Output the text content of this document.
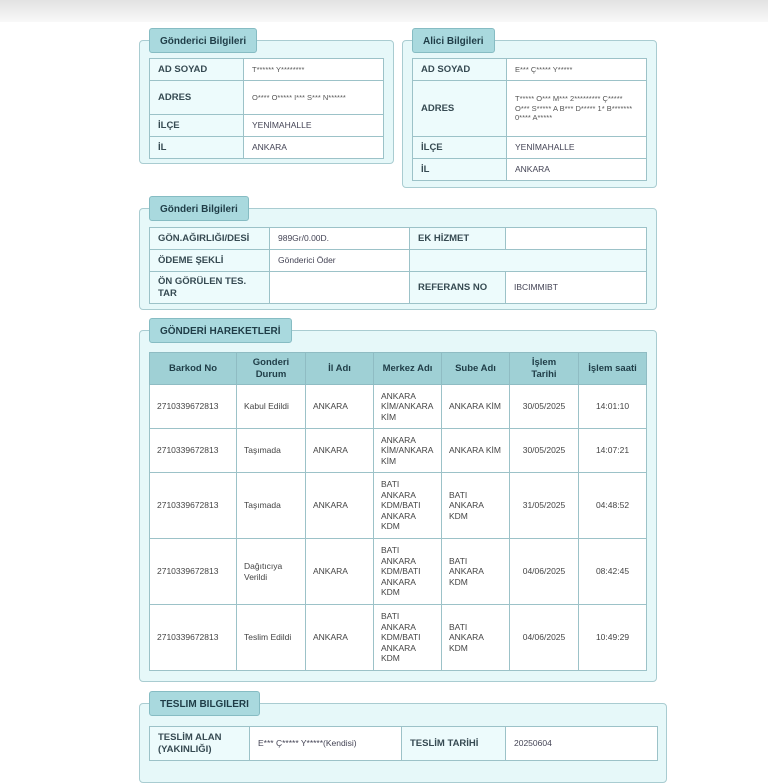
Gönderici Bilgileri
AD SOYAD	T****** Y********
ADRES	O**** O***** I*** S*** N******
İLÇE	YENİMAHALLE
İL	ANKARA
Alici Bilgileri
AD SOYAD	E*** Ç***** Y*****
ADRES	T***** O*** M*** 2********* Ç***** O*** S***** A B*** D***** 1* B******* 0**** A*****
İLÇE	YENİMAHALLE
İL	ANKARA
Gönderi Bilgileri
GÖN.AĞIRLIĞI/DESİ	989Gr/0.00D.	EK HİZMET	
ÖDEME ŞEKLİ	Gönderici Öder		
ÖN GÖRÜLEN TES. TAR		REFERANS NO	IBCIMMIBT
GÖNDERİ HAREKETLERİ
Barkod No	Gonderi Durum	İl Adı	Merkez Adı	Sube Adı	İşlem Tarihi	İşlem saati
2710339672813	Kabul Edildi	ANKARA	ANKARA KİM/ANKARA KİM	ANKARA KİM	30/05/2025	14:01:10
2710339672813	Taşımada	ANKARA	ANKARA KİM/ANKARA KİM	ANKARA KİM	30/05/2025	14:07:21
2710339672813	Taşımada	ANKARA	BATI ANKARA KDM/BATI ANKARA KDM	BATI ANKARA KDM	31/05/2025	04:48:52
2710339672813	Dağıtıcıya Verildi	ANKARA	BATI ANKARA KDM/BATI ANKARA KDM	BATI ANKARA KDM	04/06/2025	08:42:45
2710339672813	Teslim Edildi	ANKARA	BATI ANKARA KDM/BATI ANKARA KDM	BATI ANKARA KDM	04/06/2025	10:49:29
TESLIM BILGILERI
TESLİM ALAN (YAKINLIĞI)	E*** Ç***** Y*****(Kendisi)	TESLİM TARİHİ	20250604
